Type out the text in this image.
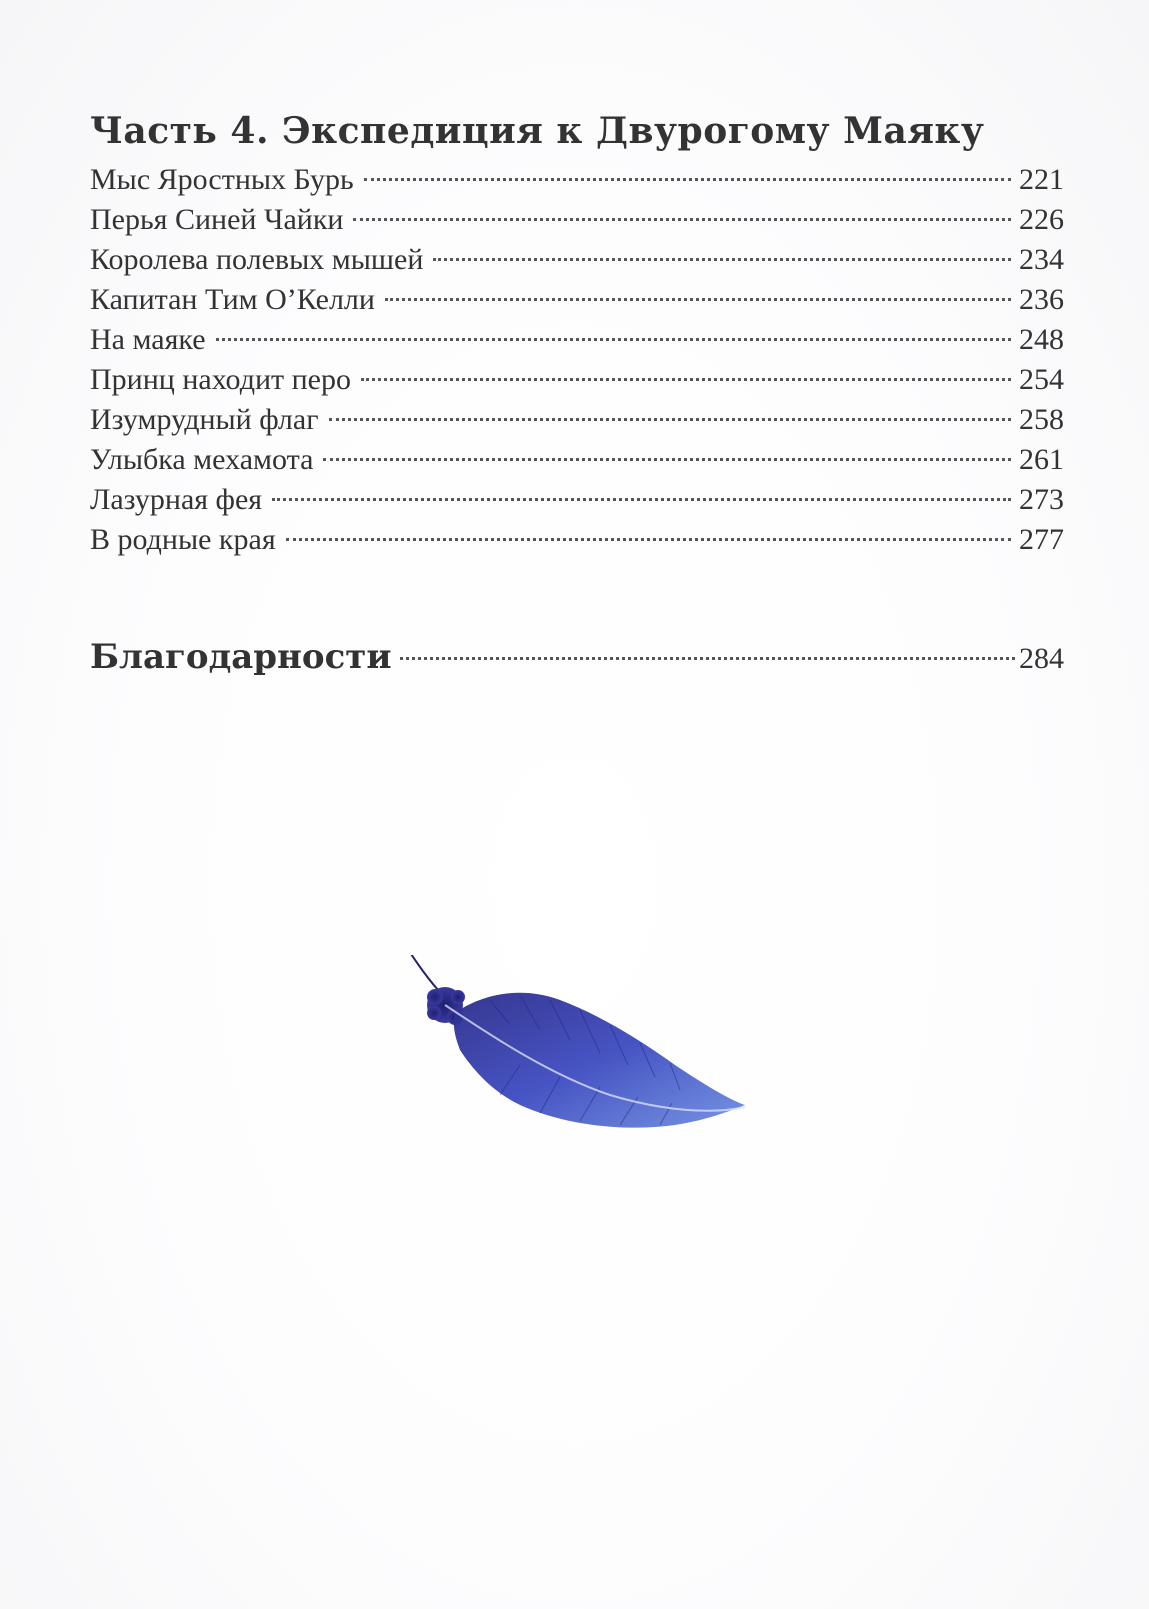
Часть 4. Экспедиция к Двурогому Маяку
Мыс Яростных Бурь	221
Перья Синей Чайки	226
Королева полевых мышей	234
Капитан Тим О’Келли	236
На маяке	248
Принц находит перо	254
Изумрудный флаг	258
Улыбка мехамота	261
Лазурная фея	273
В родные края	277
Благодарности	284
